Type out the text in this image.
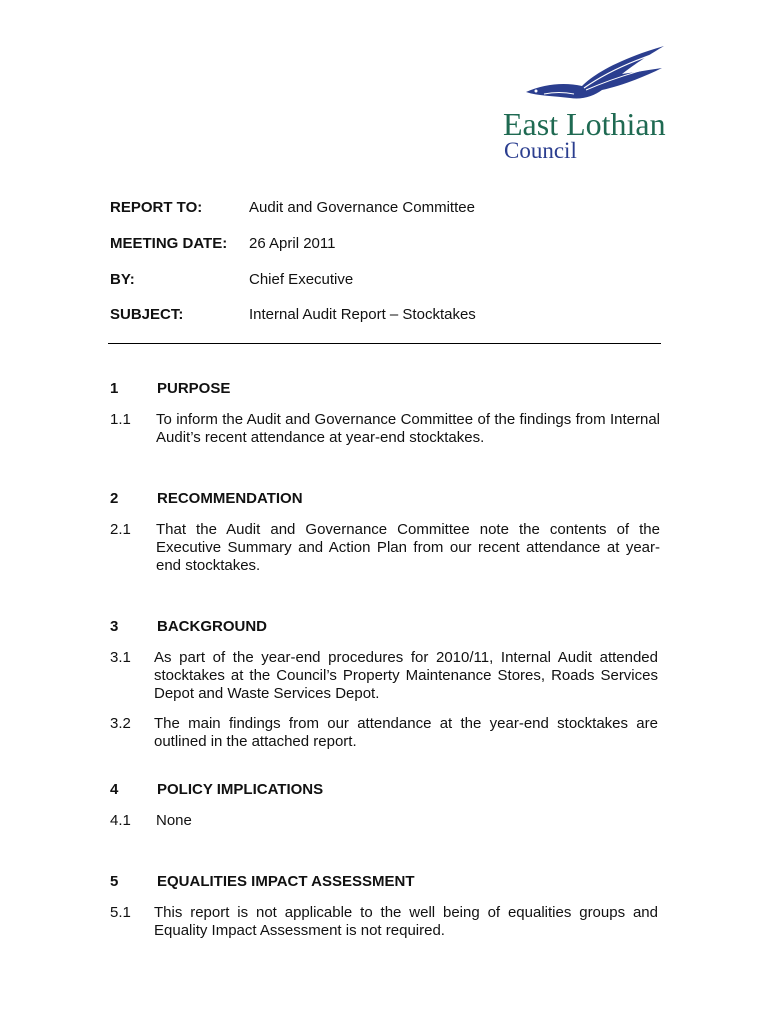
East Lothian
Council
REPORT TO:	Audit and Governance Committee
MEETING DATE: 26 April 2011
BY:	Chief Executive
SUBJECT:	Internal Audit Report – Stocktakes
1	PURPOSE
1.1 To inform the Audit and Governance Committee of the findings from Internal Audit’s recent attendance at year-end stocktakes.
2	RECOMMENDATION
2.1 That the Audit and Governance Committee note the contents of the Executive Summary and Action Plan from our recent attendance at year-end stocktakes.
3	BACKGROUND
3.1 As part of the year-end procedures for 2010/11, Internal Audit attended stocktakes at the Council’s Property Maintenance Stores, Roads Services Depot and Waste Services Depot.
3.2 The main findings from our attendance at the year-end stocktakes are outlined in the attached report.
4	POLICY IMPLICATIONS
4.1 None
5	EQUALITIES IMPACT ASSESSMENT
5.1 This report is not applicable to the well being of equalities groups and Equality Impact Assessment is not required.
